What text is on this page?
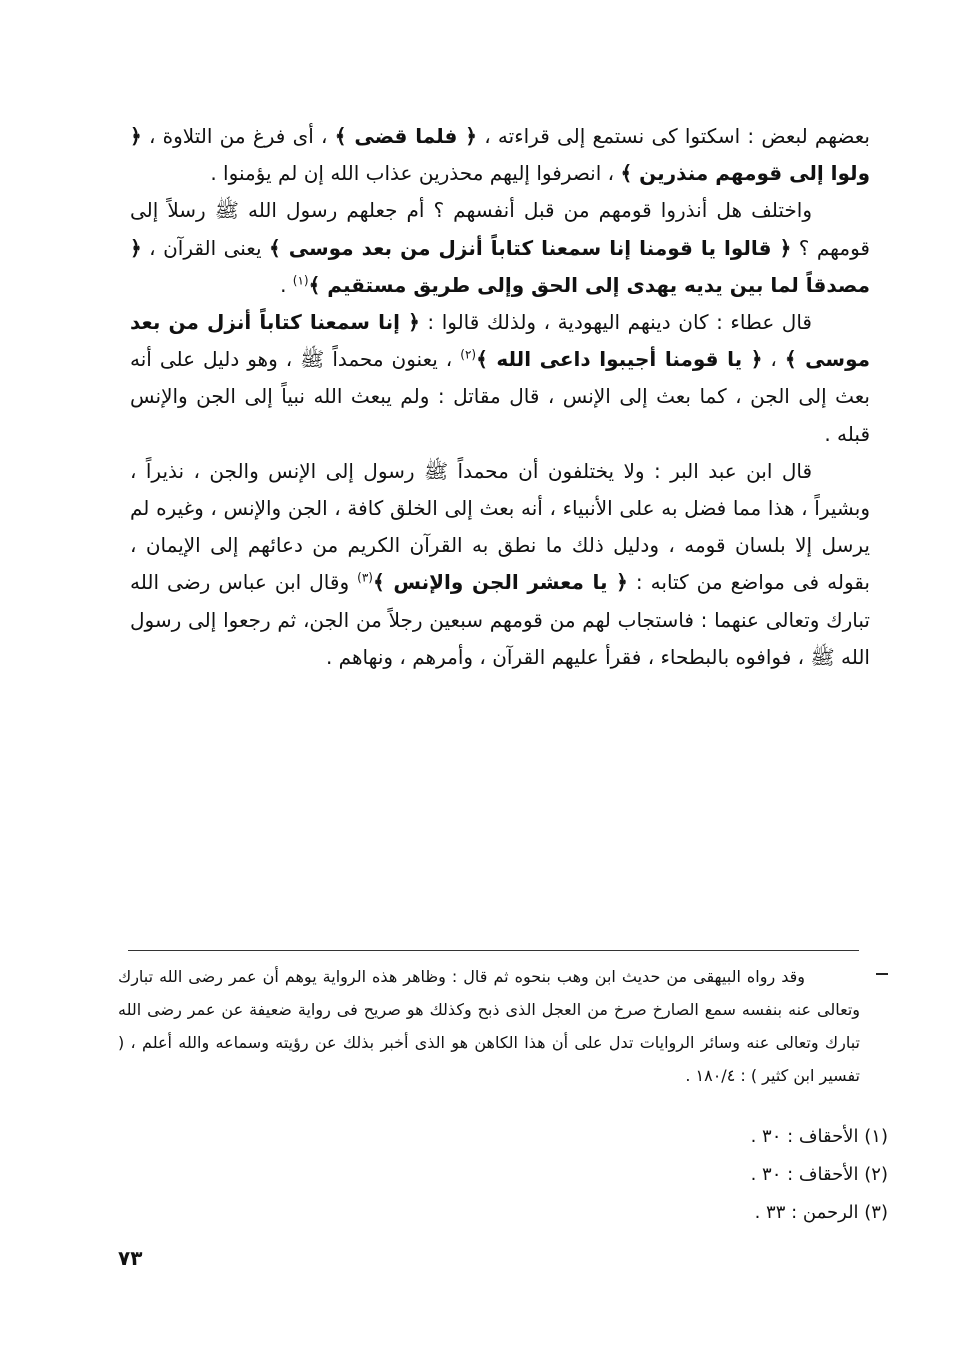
بعضهم لبعض : اسكتوا كى نستمع إلى قراءته ، ﴿ فلما قضى ﴾ ، أى فرغ من التلاوة ، ﴿ ولوا إلى قومهم منذرين ﴾ ، انصرفوا إليهم محذرين عذاب الله إن لم يؤمنوا .

واختلف هل أنذروا قومهم من قبل أنفسهم ؟ أم جعلهم رسول الله ﷺ رسلاً إلى قومهم ؟ ﴿ قالوا يا قومنا إنا سمعنا كتاباً أنزل من بعد موسى ﴾ يعنى القرآن ، ﴿ مصدقاً لما بين يديه يهدى إلى الحق وإلى طريق مستقيم ﴾$^{(١)}$ .

قال عطاء : كان دينهم اليهودية ، ولذلك قالوا : ﴿ إنا سمعنا كتاباً أنزل من بعد موسى ﴾ ، ﴿ يا قومنا أجيبوا داعى الله ﴾$^{(٢)}$ ، يعنون محمداً ﷺ ، وهو دليل على أنه بعث إلى الجن ، كما بعث إلى الإنس ، قال مقاتل : ولم يبعث الله نبياً إلى الجن والإنس قبله .

قال ابن عبد البر : ولا يختلفون أن محمداً ﷺ رسول إلى الإنس والجن ، نذيراً ، وبشيراً ، هذا مما فضل به على الأنبياء ، أنه بعث إلى الخلق كافة ، الجن والإنس ، وغيره لم يرسل إلا بلسان قومه ، ودليل ذلك ما نطق به القرآن الكريم من دعائهم إلى الإيمان ، بقوله فى مواضع من كتابه : ﴿ يا معشر الجن والإنس ﴾$^{(٣)}$ وقال ابن عباس رضى الله تبارك وتعالى عنهما : فاستجاب لهم من قومهم سبعين رجلاً من الجن، ثم رجعوا إلى رسول الله ﷺ ، فوافوه بالبطحاء ، فقرأ عليهم القرآن ، وأمرهم ، ونهاهم .

وقد رواه البيهقى من حديث ابن وهب بنحوه ثم قال : وظاهر هذه الرواية يوهم أن عمر رضى الله تبارك وتعالى عنه بنفسه سمع الصارخ صرخ من العجل الذى ذبح وكذلك هو صريح فى رواية ضعيفة عن عمر رضى الله تبارك وتعالى عنه وسائر الروايات تدل على أن هذا الكاهن هو الذى أخبر بذلك عن رؤيته وسماعه والله أعلم ، ( تفسير ابن كثير ) : ١٨٠/٤ .

(١) الأحقاف : ٣٠ .
(٢) الأحقاف : ٣٠ .
(٣) الرحمن : ٣٣ .
٧٣
